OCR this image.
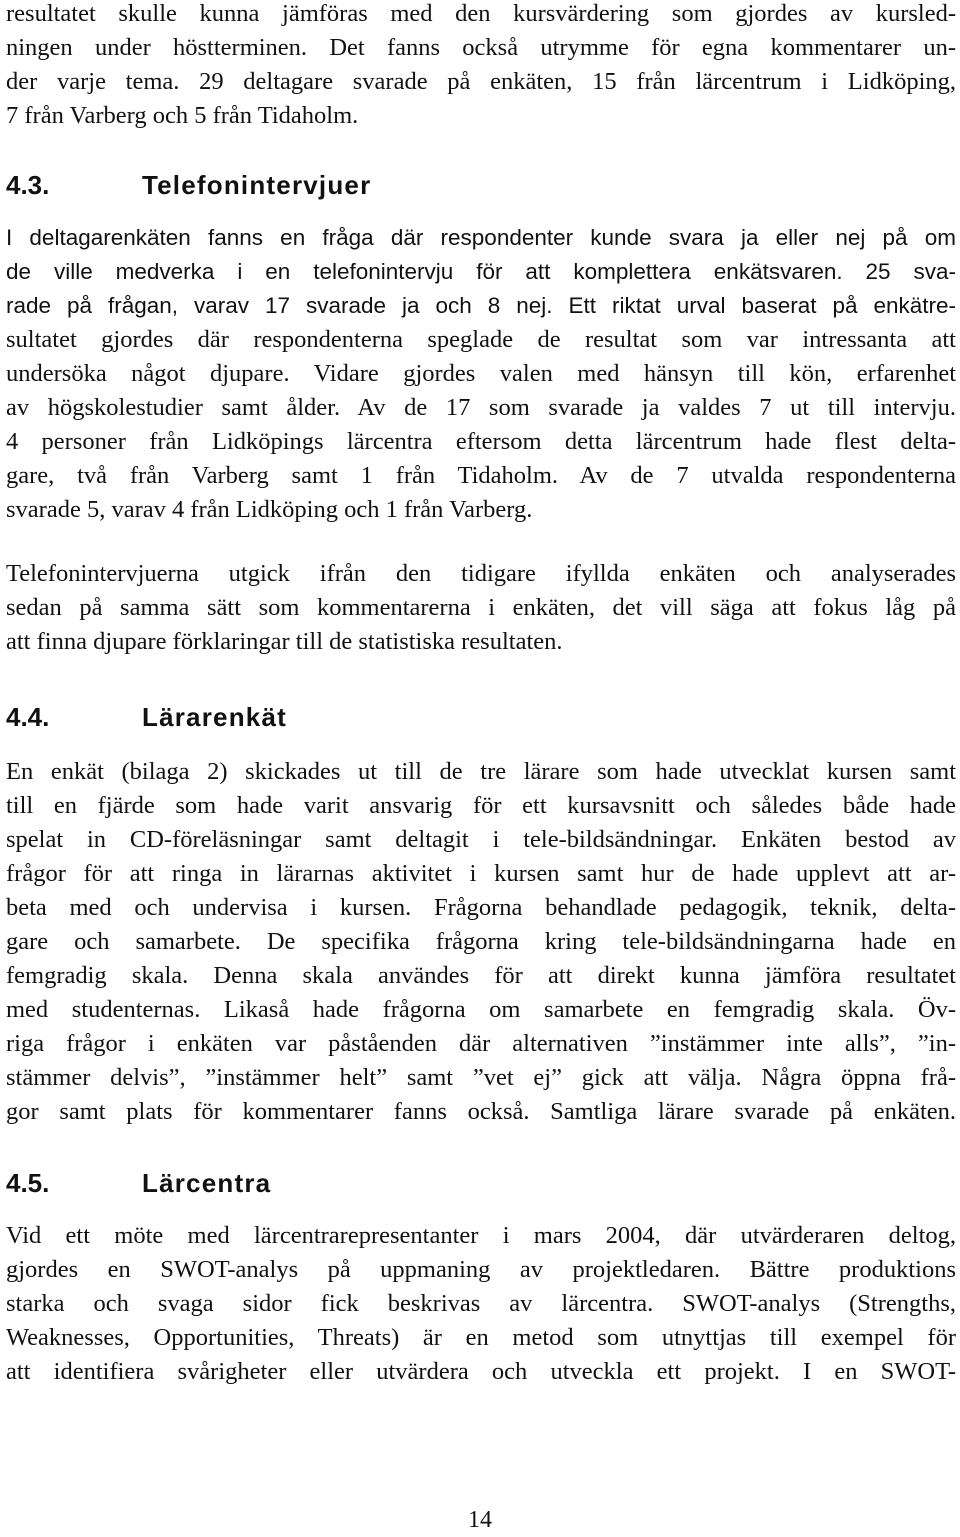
resultatet skulle kunna jämföras med den kursvärdering som gjordes av kursled-
ningen under höstterminen. Det fanns också utrymme för egna kommentarer un-
der varje tema. 29 deltagare svarade på enkäten, 15 från lärcentrum i Lidköping,
7 från Varberg och 5 från Tidaholm.
4.3.	Telefonintervjuer
I deltagarenkäten fanns en fråga där respondenter kunde svara ja eller nej på om
de ville medverka i en telefonintervju för att komplettera enkätsvaren. 25 sva-
rade på frågan, varav 17 svarade ja och 8 nej. Ett riktat urval baserat på enkätre-
sultatet gjordes där respondenterna speglade de resultat som var intressanta att
undersöka något djupare. Vidare gjordes valen med hänsyn till kön, erfarenhet
av högskolestudier samt ålder. Av de 17 som svarade ja valdes 7 ut till intervju.
4 personer från Lidköpings lärcentra eftersom detta lärcentrum hade flest delta-
gare, två från Varberg samt 1 från Tidaholm. Av de 7 utvalda respondenterna
svarade 5, varav 4 från Lidköping och 1 från Varberg.
Telefonintervjuerna utgick ifrån den tidigare ifyllda enkäten och analyserades
sedan på samma sätt som kommentarerna i enkäten, det vill säga att fokus låg på
att finna djupare förklaringar till de statistiska resultaten.
4.4.	Lärarenkät
En enkät (bilaga 2) skickades ut till de tre lärare som hade utvecklat kursen samt
till en fjärde som hade varit ansvarig för ett kursavsnitt och således både hade
spelat in CD-föreläsningar samt deltagit i tele-bildsändningar. Enkäten bestod av
frågor för att ringa in lärarnas aktivitet i kursen samt hur de hade upplevt att ar-
beta med och undervisa i kursen. Frågorna behandlade pedagogik, teknik, delta-
gare och samarbete. De specifika frågorna kring tele-bildsändningarna hade en
femgradig skala. Denna skala användes för att direkt kunna jämföra resultatet
med studenternas. Likaså hade frågorna om samarbete en femgradig skala. Öv-
riga frågor i enkäten var påståenden där alternativen ”instämmer inte alls”, ”in-
stämmer delvis”, ”instämmer helt” samt ”vet ej” gick att välja. Några öppna frå-
gor samt plats för kommentarer fanns också. Samtliga lärare svarade på enkäten.
4.5.	Lärcentra
Vid ett möte med lärcentrarepresentanter i mars 2004, där utvärderaren deltog,
gjordes en SWOT-analys på uppmaning av projektledaren. Bättre produktions
starka och svaga sidor fick beskrivas av lärcentra. SWOT-analys (Strengths,
Weaknesses, Opportunities, Threats) är en metod som utnyttjas till exempel för
att identifiera svårigheter eller utvärdera och utveckla ett projekt. I en SWOT-
14
